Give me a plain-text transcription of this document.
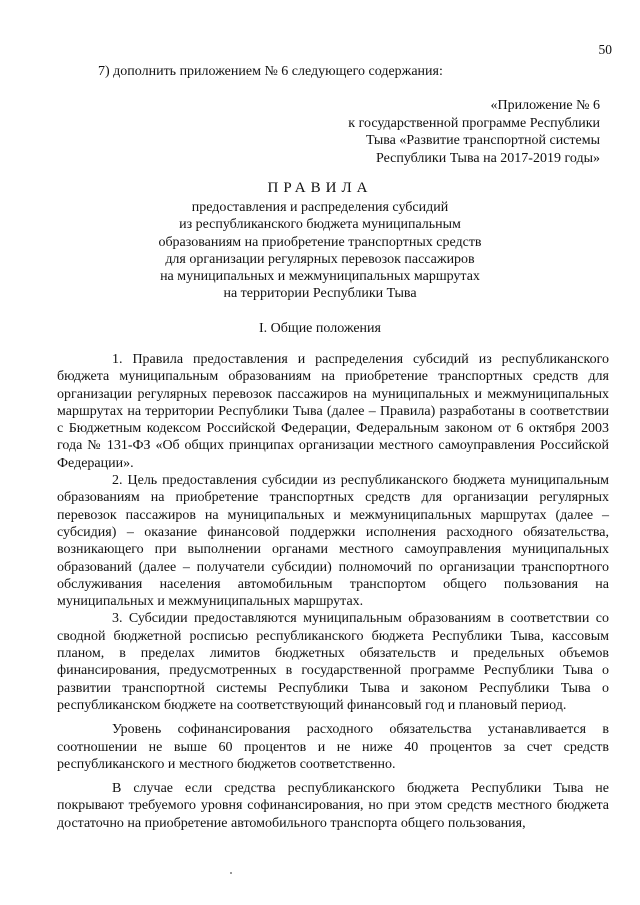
50
7) дополнить приложением № 6 следующего содержания:
«Приложение № 6
к государственной программе Республики
Тыва «Развитие транспортной системы
Республики Тыва на 2017-2019 годы»
ПРАВИЛА
предоставления и распределения субсидий
из республиканского бюджета муниципальным
образованиям на приобретение транспортных средств
для организации регулярных перевозок пассажиров
на муниципальных и межмуниципальных маршрутах
на территории Республики Тыва
I. Общие положения

1. Правила предоставления и распределения субсидий из республиканского бюджета муниципальным образованиям на приобретение транспортных средств для организации регулярных перевозок пассажиров на муниципальных и межмуниципальных маршрутах на территории Республики Тыва (далее – Правила) разработаны в соответствии с Бюджетным кодексом Российской Федерации, Федеральным законом от 6 октября 2003 года № 131-ФЗ «Об общих принципах организации местного самоуправления Российской Федерации».

2. Цель предоставления субсидии из республиканского бюджета муниципальным образованиям на приобретение транспортных средств для организации регулярных перевозок пассажиров на муниципальных и межмуниципальных маршрутах (далее – субсидия) – оказание финансовой поддержки исполнения расходного обязательства, возникающего при выполнении органами местного самоуправления муниципальных образований (далее – получатели субсидии) полномочий по организации транспортного обслуживания населения автомобильным транспортом общего пользования на муниципальных и межмуниципальных маршрутах.

3. Субсидии предоставляются муниципальным образованиям в соответствии со сводной бюджетной росписью республиканского бюджета Республики Тыва, кассовым планом, в пределах лимитов бюджетных обязательств и предельных объемов финансирования, предусмотренных в государственной программе Республики Тыва о развитии транспортной системы Республики Тыва и законом Республики Тыва о республиканском бюджете на соответствующий финансовый год и плановый период.

Уровень софинансирования расходного обязательства устанавливается в соотношении не выше 60 процентов и не ниже 40 процентов за счет средств республиканского и местного бюджетов соответственно.

В случае если средства республиканского бюджета Республики Тыва не покрывают требуемого уровня софинансирования, но при этом средств местного бюджета достаточно на приобретение автомобильного транспорта общего пользования,
